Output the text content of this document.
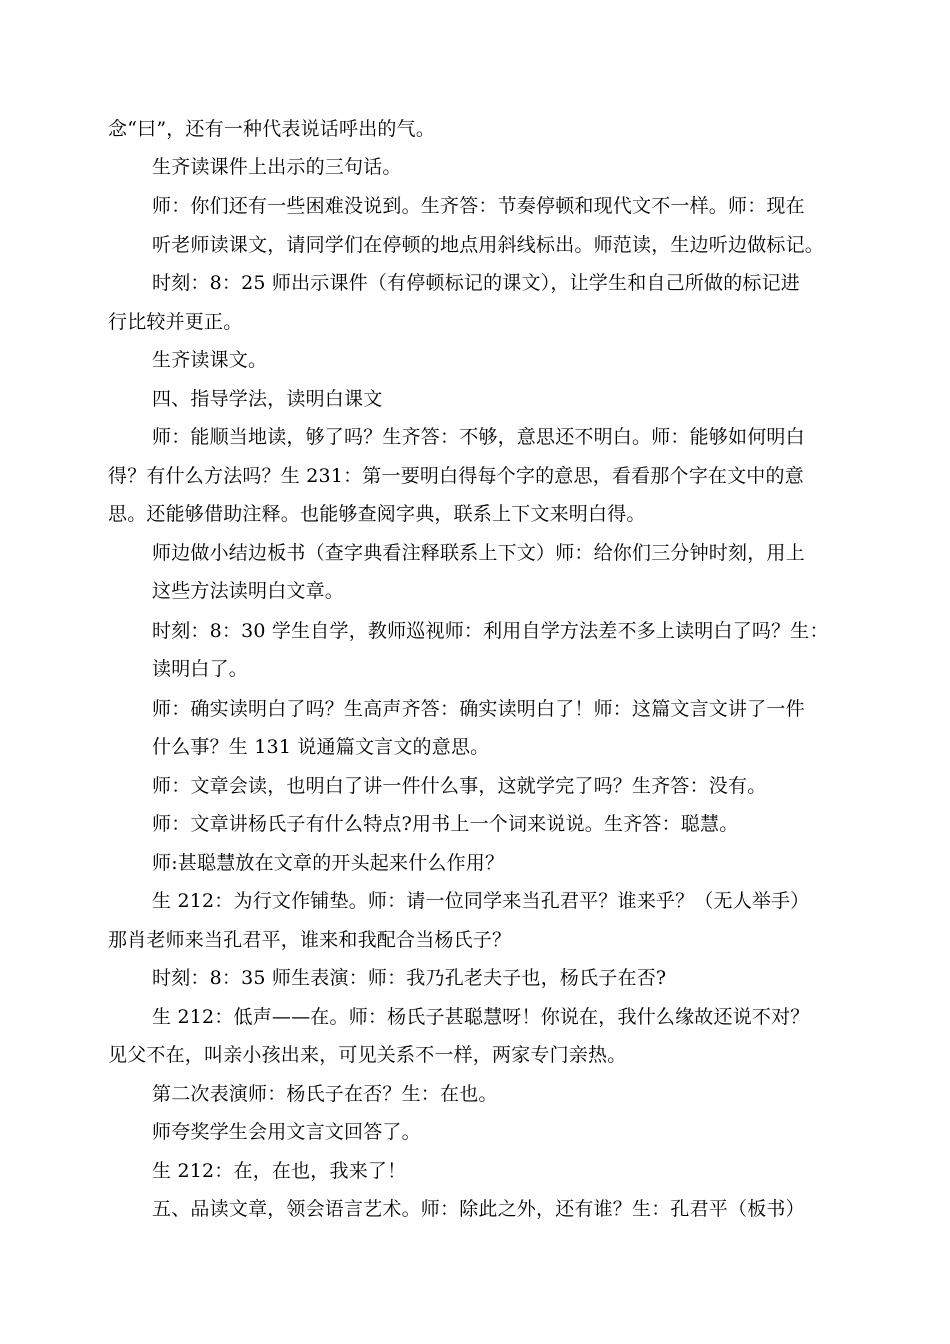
念“曰”，还有一种代表说话呼出的气。
生齐读课件上出示的三句话。
师：你们还有一些困难没说到。生齐答：节奏停顿和现代文不一样。师：现在
听老师读课文，请同学们在停顿的地点用斜线标出。师范读，生边听边做标记。
时刻：8：25 师出示课件（有停顿标记的课文），让学生和自己所做的标记进
行比较并更正。
生齐读课文。
四、指导学法，读明白课文
师：能顺当地读，够了吗？生齐答：不够，意思还不明白。师：能够如何明白
得？有什么方法吗？生 231：第一要明白得每个字的意思，看看那个字在文中的意
思。还能够借助注释。也能够查阅字典，联系上下文来明白得。
师边做小结边板书（查字典看注释联系上下文）师：给你们三分钟时刻，用上
这些方法读明白文章。
时刻：8：30 学生自学，教师巡视师：利用自学方法差不多上读明白了吗？生：
读明白了。
师：确实读明白了吗？生高声齐答：确实读明白了！师：这篇文言文讲了一件
什么事？生 131 说通篇文言文的意思。
师：文章会读，也明白了讲一件什么事，这就学完了吗？生齐答：没有。
师：文章讲杨氏子有什么特点?用书上一个词来说说。生齐答：聪慧。
师:甚聪慧放在文章的开头起来什么作用？
生 212：为行文作铺垫。师：请一位同学来当孔君平？谁来乎？（无人举手）
那肖老师来当孔君平，谁来和我配合当杨氏子？
时刻：8：35 师生表演：师：我乃孔老夫子也，杨氏子在否?
生 212：低声——在。师：杨氏子甚聪慧呀！你说在，我什么缘故还说不对？
见父不在，叫亲小孩出来，可见关系不一样，两家专门亲热。
第二次表演师：杨氏子在否？生：在也。
师夸奖学生会用文言文回答了。
生 212：在，在也，我来了！
五、品读文章，领会语言艺术。师：除此之外，还有谁？生：孔君平（板书）
